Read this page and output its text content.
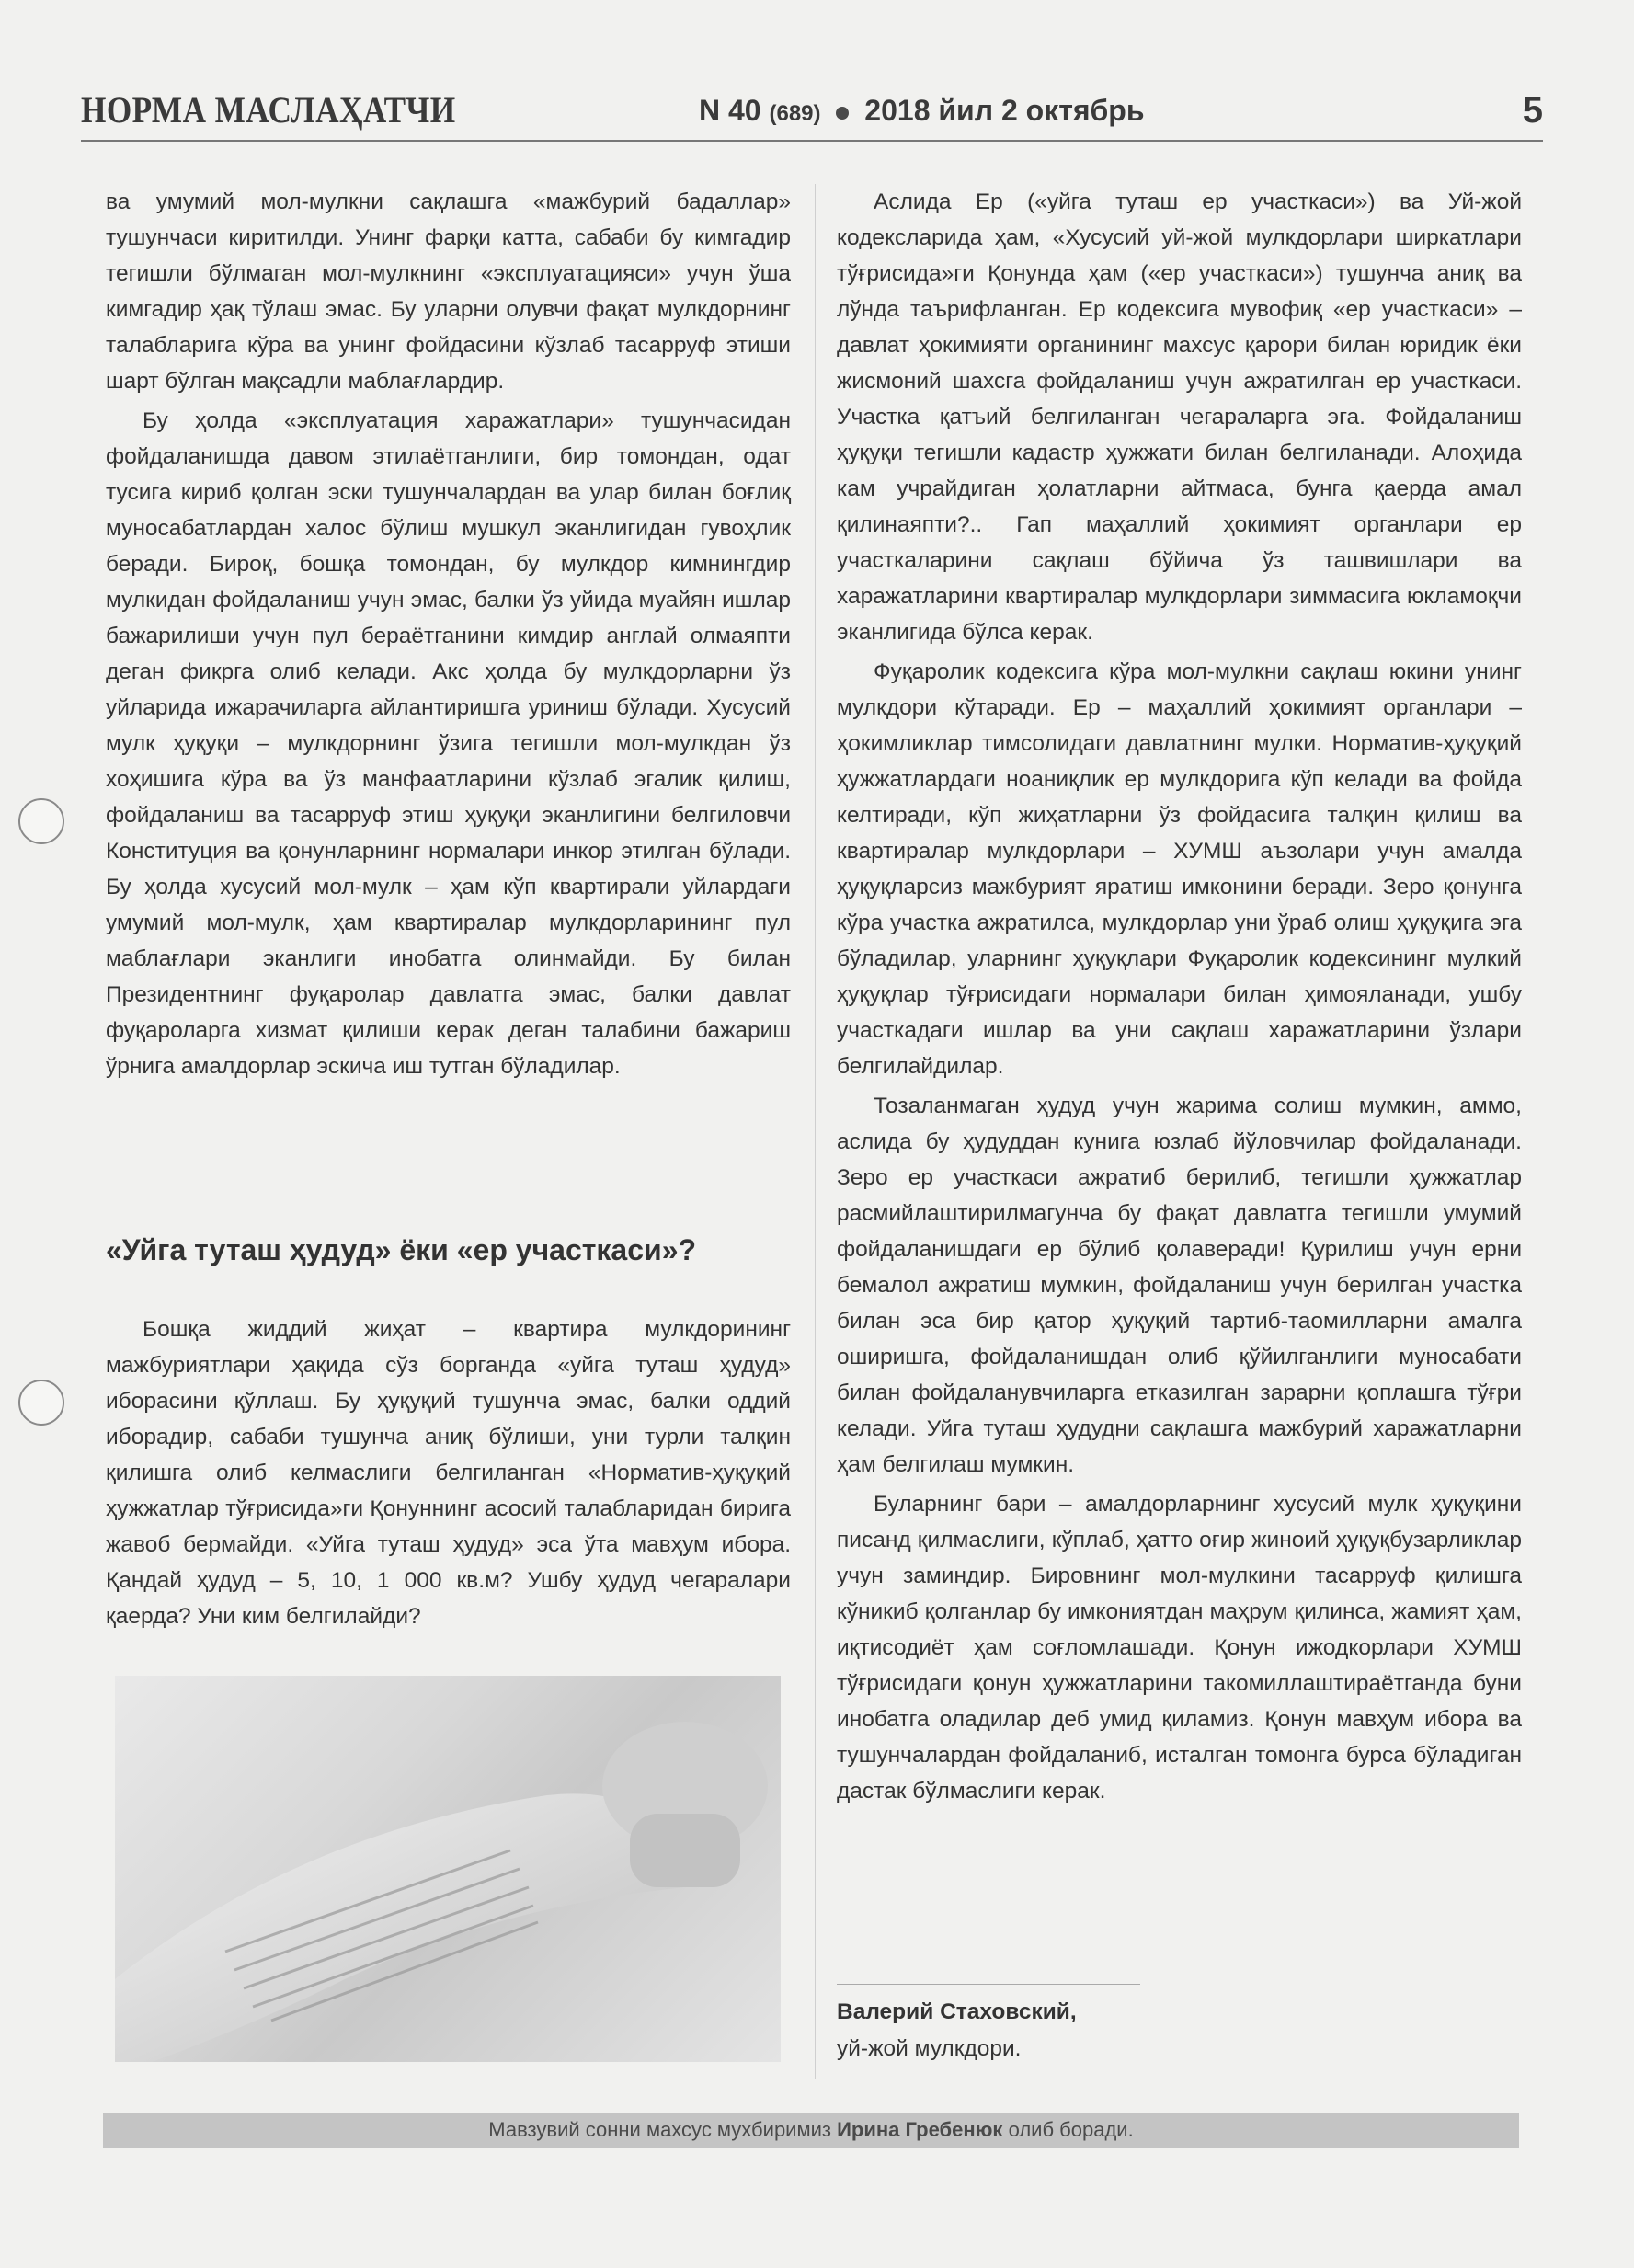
НОРМА МАСЛАҲАТЧИ	N 40 (689) 2018 йил 2 октябрь	5

ва умумий мол-мулкни сақлашга «мажбурий бадаллар» тушунчаси киритилди. Унинг фарқи катта, сабаби бу кимгадир тегишли бўлмаган мол-мулкнинг «эксплуатацияси» учун ўша кимгадир ҳақ тўлаш эмас. Бу уларни олувчи фақат мулкдорнинг талабларига кўра ва унинг фойдасини кўзлаб тасарруф этиши шарт бўлган мақсадли маблағлардир.

Бу ҳолда «эксплуатация харажатлари» тушунчасидан фойдаланишда давом этилаётганлиги, бир томондан, одат тусига кириб қолган эски тушунчалардан ва улар билан боғлиқ муносабатлардан халос бўлиш мушкул эканлигидан гувоҳлик беради. Бироқ, бошқа томондан, бу мулкдор кимнингдир мулкидан фойдаланиш учун эмас, балки ўз уйида муайян ишлар бажарилиши учун пул бераётганини кимдир англай олмаяпти деган фикрга олиб келади. Акс ҳолда бу мулкдорларни ўз уйларида ижарачиларга айлантиришга уриниш бўлади. Хусусий мулк ҳуқуқи – мулкдорнинг ўзига тегишли мол-мулкдан ўз хоҳишига кўра ва ўз манфаатларини кўзлаб эгалик қилиш, фойдаланиш ва тасарруф этиш ҳуқуқи эканлигини белгиловчи Конституция ва қонунларнинг нормалари инкор этилган бўлади. Бу ҳолда хусусий мол-мулк – ҳам кўп квартирали уйлардаги умумий мол-мулк, ҳам квартиралар мулкдорларининг пул маблағлари эканлиги инобатга олинмайди. Бу билан Президентнинг фуқаролар давлатга эмас, балки давлат фуқароларга хизмат қилиши керак деган талабини бажариш ўрнига амалдорлар эскича иш тутган бўладилар.

«Уйга туташ ҳудуд» ёки «ер участкаси»?

Бошқа жиддий жиҳат – квартира мулкдорининг мажбуриятлари ҳақида сўз борганда «уйга туташ ҳудуд» иборасини қўллаш. Бу ҳуқуқий тушунча эмас, балки оддий иборадир, сабаби тушунча аниқ бўлиши, уни турли талқин қилишга олиб келмаслиги белгиланган «Норматив-ҳуқуқий ҳужжатлар тўғрисида»ги Қонуннинг асосий талабларидан бирига жавоб бермайди. «Уйга туташ ҳудуд» эса ўта мавҳум ибора. Қандай ҳудуд – 5, 10, 1 000 кв.м? Ушбу ҳудуд чегаралари қаерда? Уни ким белгилайди?

Аслида Ер («уйга туташ ер участкаси») ва Уй-жой кодексларида ҳам, «Хусусий уй-жой мулкдорлари ширкатлари тўғрисида»ги Қонунда ҳам («ер участкаси») тушунча аниқ ва лўнда таърифланган. Ер кодексига мувофиқ «ер участкаси» – давлат ҳокимияти органининг махсус қарори билан юридик ёки жисмоний шахсга фойдаланиш учун ажратилган ер участкаси. Участка қатъий белгиланган чегараларга эга. Фойдаланиш ҳуқуқи тегишли кадастр ҳужжати билан белгиланади. Алоҳида кам учрайдиган ҳолатларни айтмаса, бунга қаерда амал қилинаяпти?.. Гап маҳаллий ҳокимият органлари ер участкаларини сақлаш бўйича ўз ташвишлари ва харажатларини квартиралар мулкдорлари зиммасига юкламоқчи эканлигида бўлса керак.

Фуқаролик кодексига кўра мол-мулкни сақлаш юкини унинг мулкдори кўтаради. Ер – маҳаллий ҳокимият органлари – ҳокимликлар тимсолидаги давлатнинг мулки. Норматив-ҳуқуқий ҳужжатлардаги ноаниқлик ер мулкдорига кўп келади ва фойда келтиради, кўп жиҳатларни ўз фойдасига талқин қилиш ва квартиралар мулкдорлари – ХУМШ аъзолари учун амалда ҳуқуқларсиз мажбурият яратиш имконини беради. Зеро қонунга кўра участка ажратилса, мулкдорлар уни ўраб олиш ҳуқуқига эга бўладилар, уларнинг ҳуқуқлари Фуқаролик кодексининг мулкий ҳуқуқлар тўғрисидаги нормалари билан ҳимояланади, ушбу участкадаги ишлар ва уни сақлаш харажатларини ўзлари белгилайдилар.

Тозаланмаган ҳудуд учун жарима солиш мумкин, аммо, аслида бу ҳудуддан кунига юзлаб йўловчилар фойдаланади. Зеро ер участкаси ажратиб берилиб, тегишли ҳужжатлар расмийлаштирилмагунча бу фақат давлатга тегишли умумий фойдаланишдаги ер бўлиб қолаверади! Қурилиш учун ерни бемалол ажратиш мумкин, фойдаланиш учун берилган участка билан эса бир қатор ҳуқуқий тартиб-таомилларни амалга оширишга, фойдаланишдан олиб қўйилганлиги муносабати билан фойдаланувчиларга етказилган зарарни қоплашга тўғри келади. Уйга туташ ҳудудни сақлашга мажбурий харажатларни ҳам белгилаш мумкин.

Буларнинг бари – амалдорларнинг хусусий мулк ҳуқуқини писанд қилмаслиги, кўплаб, ҳатто оғир жиноий ҳуқуқбузарликлар учун заминдир. Бировнинг мол-мулкини тасарруф қилишга кўникиб қолганлар бу имкониятдан маҳрум қилинса, жамият ҳам, иқтисодиёт ҳам соғломлашади. Қонун ижодкорлари ХУМШ тўғрисидаги қонун ҳужжатларини такомиллаштираётганда буни инобатга оладилар деб умид қиламиз. Қонун мавҳум ибора ва тушунчалардан фойдаланиб, исталган томонга бурса бўладиган дастак бўлмаслиги керак.

Валерий Стаховский,
уй-жой мулкдори.
Мавзувий сонни махсус мухбиримиз Ирина Гребенюк олиб боради.
